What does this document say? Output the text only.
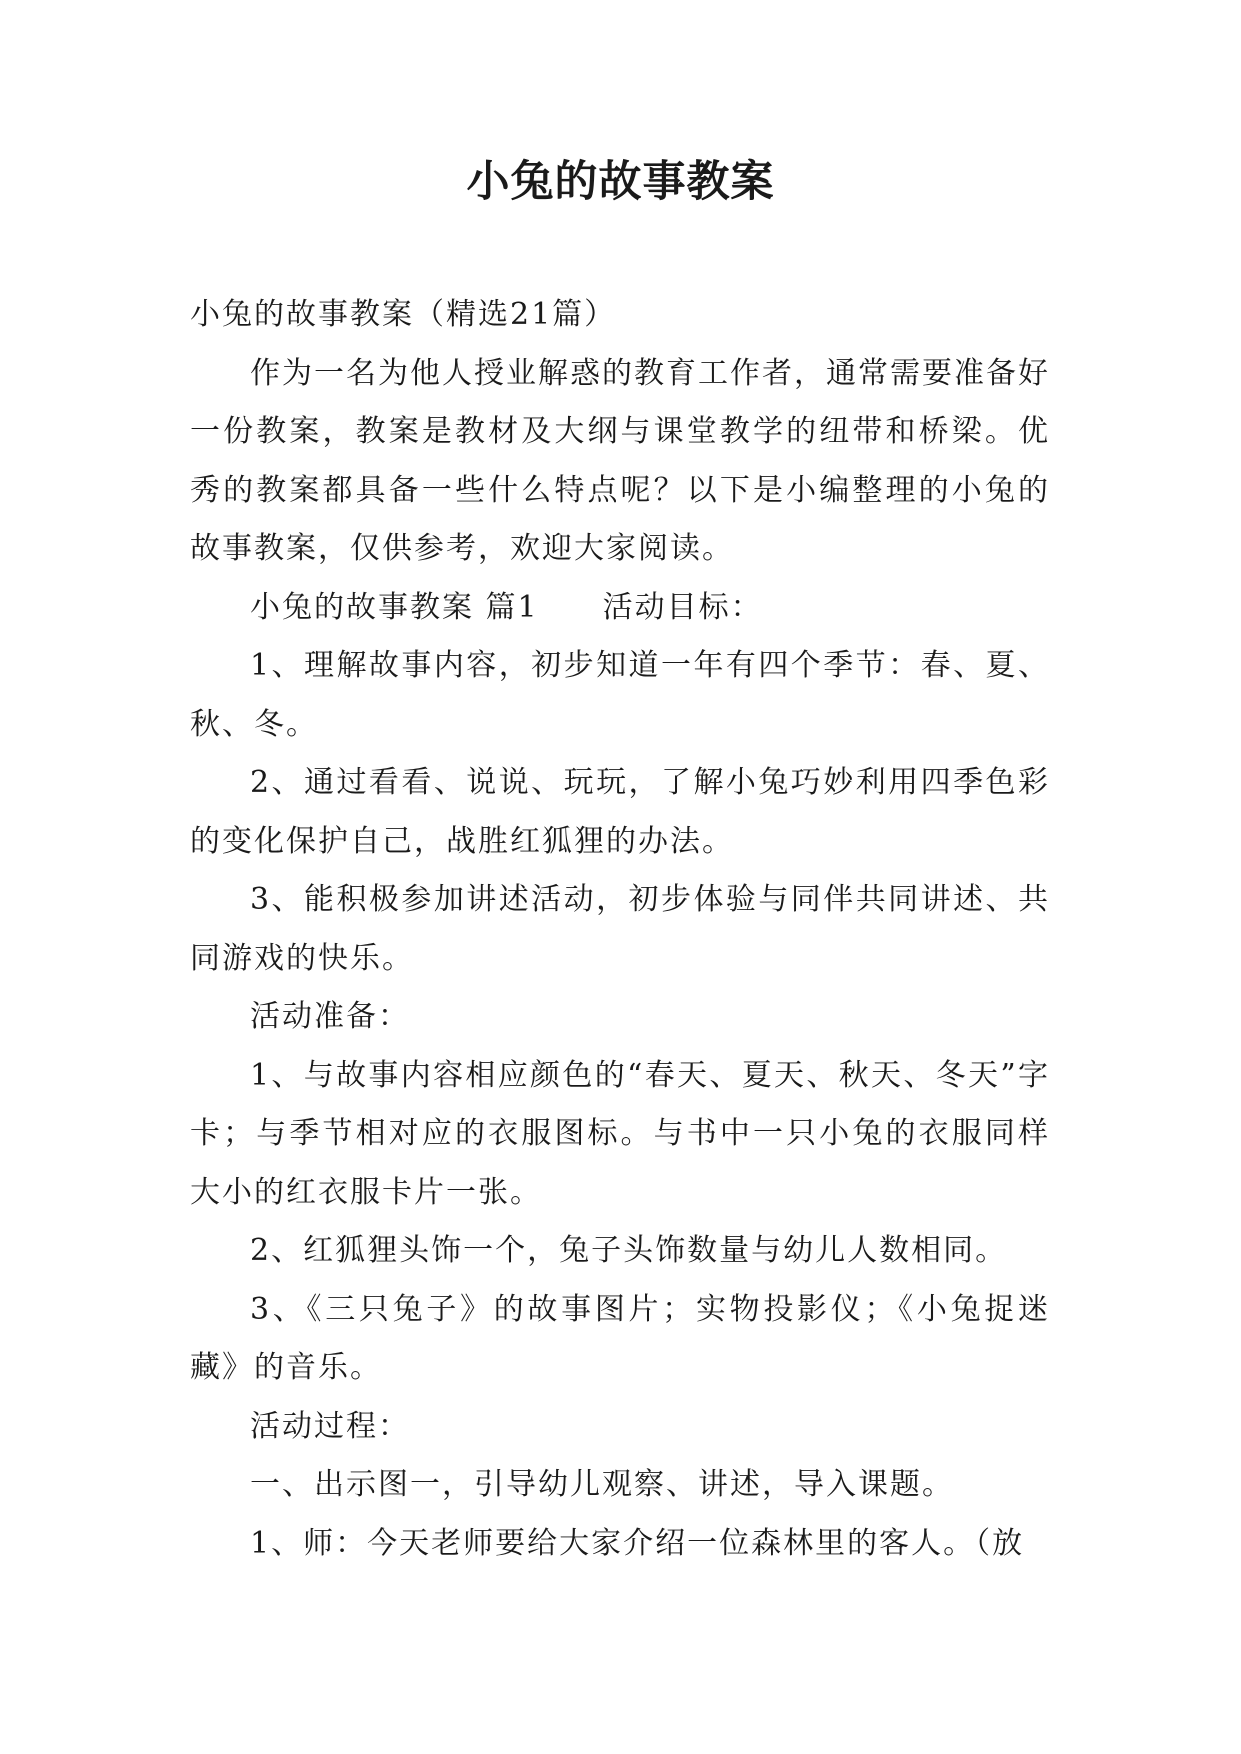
小兔的故事教案

小兔的故事教案（精选21篇）

作为一名为他人授业解惑的教育工作者，通常需要准备好一份教案，教案是教材及大纲与课堂教学的纽带和桥梁。优秀的教案都具备一些什么特点呢？以下是小编整理的小兔的故事教案，仅供参考，欢迎大家阅读。

小兔的故事教案 篇1　　活动目标：

1、理解故事内容，初步知道一年有四个季节：春、夏、秋、冬。

2、通过看看、说说、玩玩，了解小兔巧妙利用四季色彩的变化保护自己，战胜红狐狸的办法。

3、能积极参加讲述活动，初步体验与同伴共同讲述、共同游戏的快乐。

活动准备：

1、与故事内容相应颜色的“春天、夏天、秋天、冬天”字卡；与季节相对应的衣服图标。与书中一只小兔的衣服同样大小的红衣服卡片一张。

2、红狐狸头饰一个，兔子头饰数量与幼儿人数相同。

3、《三只兔子》的故事图片；实物投影仪；《小兔捉迷藏》的音乐。

活动过程：

一、出示图一，引导幼儿观察、讲述，导入课题。

1、师：今天老师要给大家介绍一位森林里的客人。（放
